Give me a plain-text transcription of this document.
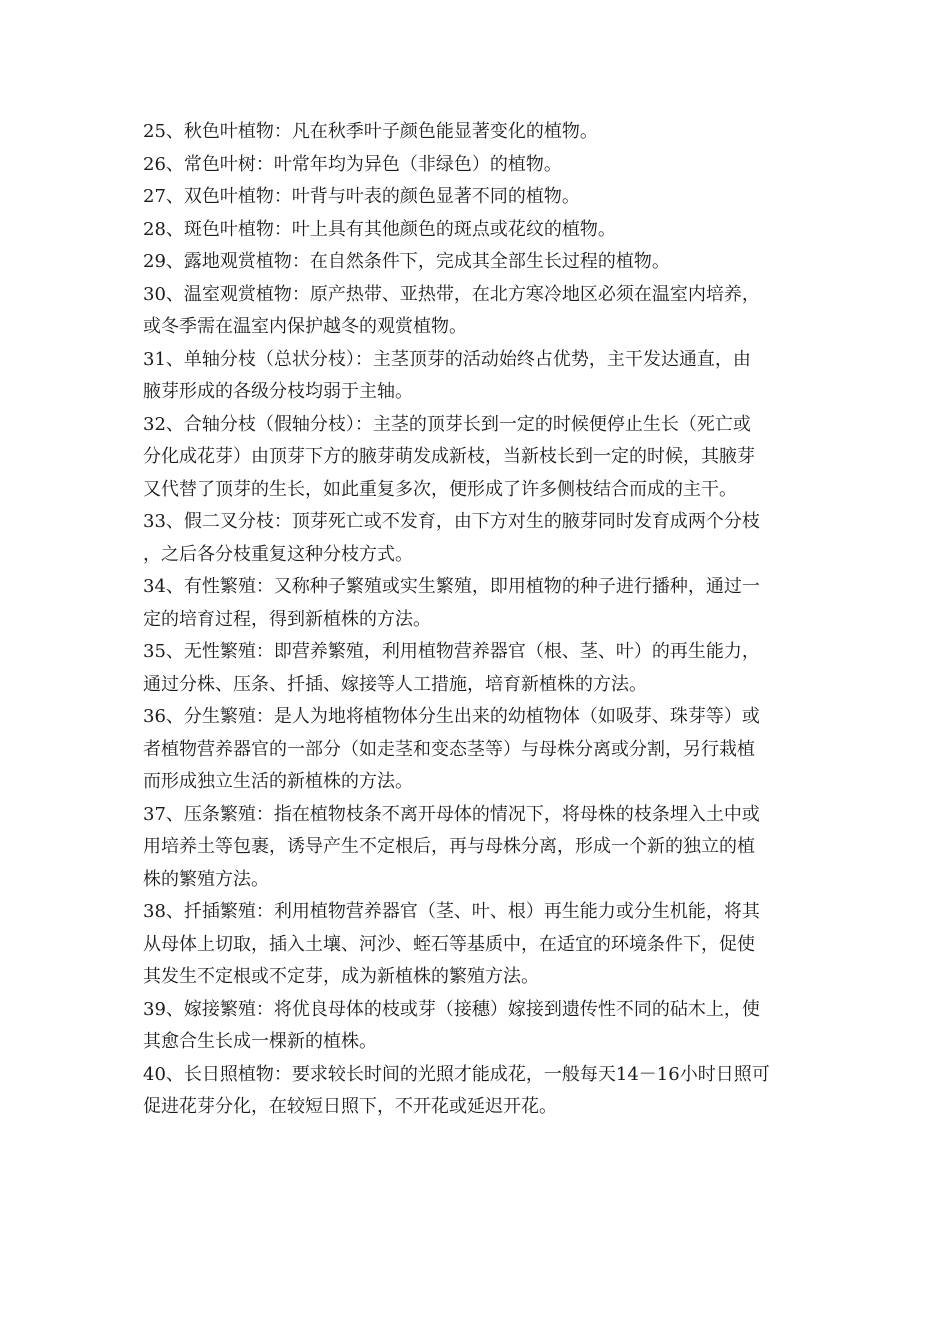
25、秋色叶植物：凡在秋季叶子颜色能显著变化的植物。
26、常色叶树：叶常年均为异色（非绿色）的植物。
27、双色叶植物：叶背与叶表的颜色显著不同的植物。
28、斑色叶植物：叶上具有其他颜色的斑点或花纹的植物。
29、露地观赏植物：在自然条件下，完成其全部生长过程的植物。
30、温室观赏植物：原产热带、亚热带，在北方寒冷地区必须在温室内培养，
或冬季需在温室内保护越冬的观赏植物。
31、单轴分枝（总状分枝）：主茎顶芽的活动始终占优势，主干发达通直，由
腋芽形成的各级分枝均弱于主轴。
32、合轴分枝（假轴分枝）：主茎的顶芽长到一定的时候便停止生长（死亡或
分化成花芽）由顶芽下方的腋芽萌发成新枝，当新枝长到一定的时候，其腋芽
又代替了顶芽的生长，如此重复多次，便形成了许多侧枝结合而成的主干。
33、假二叉分枝：顶芽死亡或不发育，由下方对生的腋芽同时发育成两个分枝
，之后各分枝重复这种分枝方式。
34、有性繁殖：又称种子繁殖或实生繁殖，即用植物的种子进行播种，通过一
定的培育过程，得到新植株的方法。
35、无性繁殖：即营养繁殖，利用植物营养器官（根、茎、叶）的再生能力，
通过分株、压条、扦插、嫁接等人工措施，培育新植株的方法。
36、分生繁殖：是人为地将植物体分生出来的幼植物体（如吸芽、珠芽等）或
者植物营养器官的一部分（如走茎和变态茎等）与母株分离或分割，另行栽植
而形成独立生活的新植株的方法。
37、压条繁殖：指在植物枝条不离开母体的情况下，将母株的枝条埋入土中或
用培养土等包裹，诱导产生不定根后，再与母株分离，形成一个新的独立的植
株的繁殖方法。
38、扦插繁殖：利用植物营养器官（茎、叶、根）再生能力或分生机能，将其
从母体上切取，插入土壤、河沙、蛭石等基质中，在适宜的环境条件下，促使
其发生不定根或不定芽，成为新植株的繁殖方法。
39、嫁接繁殖：将优良母体的枝或芽（接穗）嫁接到遗传性不同的砧木上，使
其愈合生长成一棵新的植株。
40、长日照植物：要求较长时间的光照才能成花，一般每天14－16小时日照可
促进花芽分化，在较短日照下，不开花或延迟开花。
